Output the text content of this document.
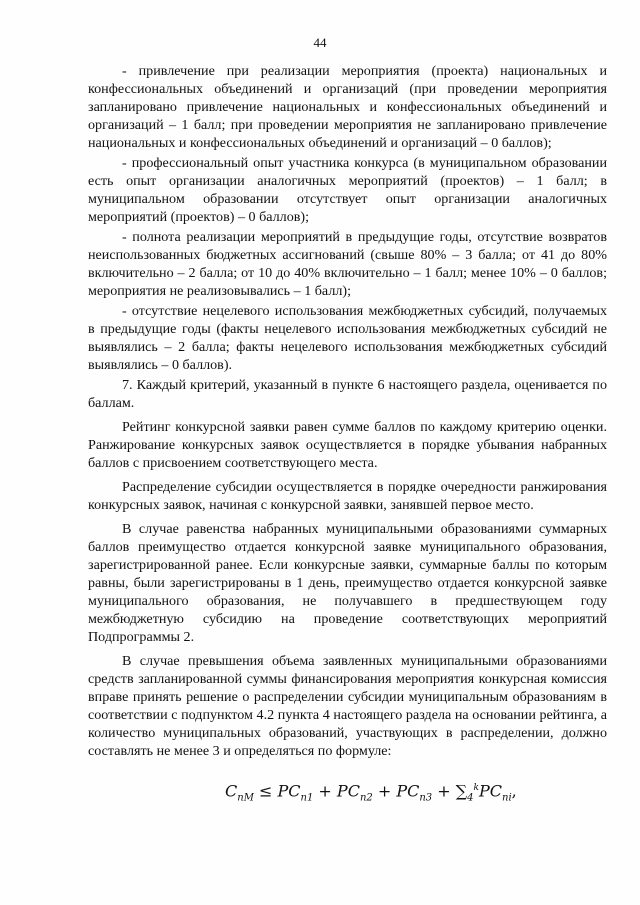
44

- привлечение при реализации мероприятия (проекта) национальных и конфессиональных объединений и организаций (при проведении мероприятия запланировано привлечение национальных и конфессиональных объединений и организаций – 1 балл; при проведении мероприятия не запланировано привлечение национальных и конфессиональных объединений и организаций – 0 баллов);

- профессиональный опыт участника конкурса (в муниципальном образовании есть опыт организации аналогичных мероприятий (проектов) – 1 балл; в муниципальном образовании отсутствует опыт организации аналогичных мероприятий (проектов) – 0 баллов);

- полнота реализации мероприятий в предыдущие годы, отсутствие возвратов неиспользованных бюджетных ассигнований (свыше 80% – 3 балла; от 41 до 80% включительно – 2 балла; от 10 до 40% включительно – 1 балл; менее 10% – 0 баллов; мероприятия не реализовывались – 1 балл);

- отсутствие нецелевого использования межбюджетных субсидий, получаемых в предыдущие годы (факты нецелевого использования межбюджетных субсидий не выявлялись – 2 балла; факты нецелевого использования межбюджетных субсидий выявлялись – 0 баллов).

7. Каждый критерий, указанный в пункте 6 настоящего раздела, оценивается по баллам.

Рейтинг конкурсной заявки равен сумме баллов по каждому критерию оценки. Ранжирование конкурсных заявок осуществляется в порядке убывания набранных баллов с присвоением соответствующего места.

Распределение субсидии осуществляется в порядке очередности ранжирования конкурсных заявок, начиная с конкурсной заявки, занявшей первое место.

В случае равенства набранных муниципальными образованиями суммарных баллов преимущество отдается конкурсной заявке муниципального образования, зарегистрированной ранее. Если конкурсные заявки, суммарные баллы по которым равны, были зарегистрированы в 1 день, преимущество отдается конкурсной заявке муниципального образования, не получавшего в предшествующем году межбюджетную субсидию на проведение соответствующих мероприятий Подпрограммы 2.

В случае превышения объема заявленных муниципальными образованиями средств запланированной суммы финансирования мероприятия конкурсная комиссия вправе принять решение о распределении субсидии муниципальным образованиям в соответствии с подпунктом 4.2 пункта 4 настоящего раздела на основании рейтинга, а количество муниципальных образований, участвующих в распределении, должно составлять не менее 3 и определяться по формуле:

$C_{nM} \le PC_{n1} + PC_{n2} + PC_{n3} + \sum_4^kPC_{ni}$,
